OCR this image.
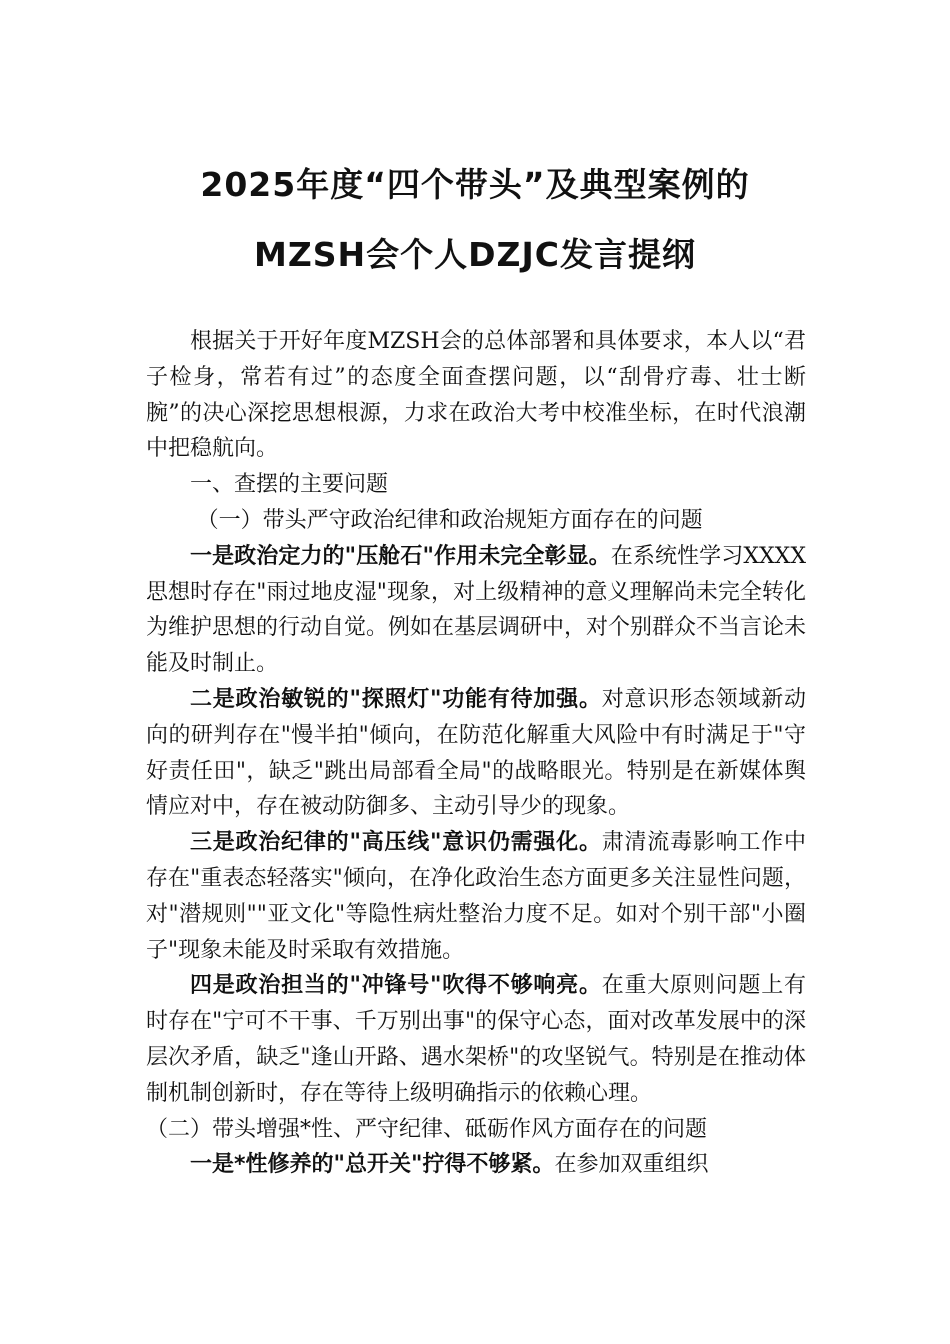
2025年度“四个带头”及典型案例的
MZSH会个人DZJC发言提纲

根据关于开好年度MZSH会的总体部署和具体要求，本人以“君子检身，常若有过”的态度全面查摆问题，以“刮骨疗毒、壮士断腕”的决心深挖思想根源，力求在政治大考中校准坐标，在时代浪潮中把稳航向。

一、查摆的主要问题

（一）带头严守政治纪律和政治规矩方面存在的问题

一是政治定力的"压舱石"作用未完全彰显。在系统性学习XXXX思想时存在"雨过地皮湿"现象，对上级精神的意义理解尚未完全转化为维护思想的行动自觉。例如在基层调研中，对个别群众不当言论未能及时制止。

二是政治敏锐的"探照灯"功能有待加强。对意识形态领域新动向的研判存在"慢半拍"倾向，在防范化解重大风险中有时满足于"守好责任田"，缺乏"跳出局部看全局"的战略眼光。特别是在新媒体舆情应对中，存在被动防御多、主动引导少的现象。

三是政治纪律的"高压线"意识仍需强化。肃清流毒影响工作中存在"重表态轻落实"倾向，在净化政治生态方面更多关注显性问题，对"潜规则""亚文化"等隐性病灶整治力度不足。如对个别干部"小圈子"现象未能及时采取有效措施。

四是政治担当的"冲锋号"吹得不够响亮。在重大原则问题上有时存在"宁可不干事、千万别出事"的保守心态，面对改革发展中的深层次矛盾，缺乏"逢山开路、遇水架桥"的攻坚锐气。特别是在推动体制机制创新时，存在等待上级明确指示的依赖心理。

（二）带头增强*性、严守纪律、砥砺作风方面存在的问题

一是*性修养的"总开关"拧得不够紧。在参加双重组织
